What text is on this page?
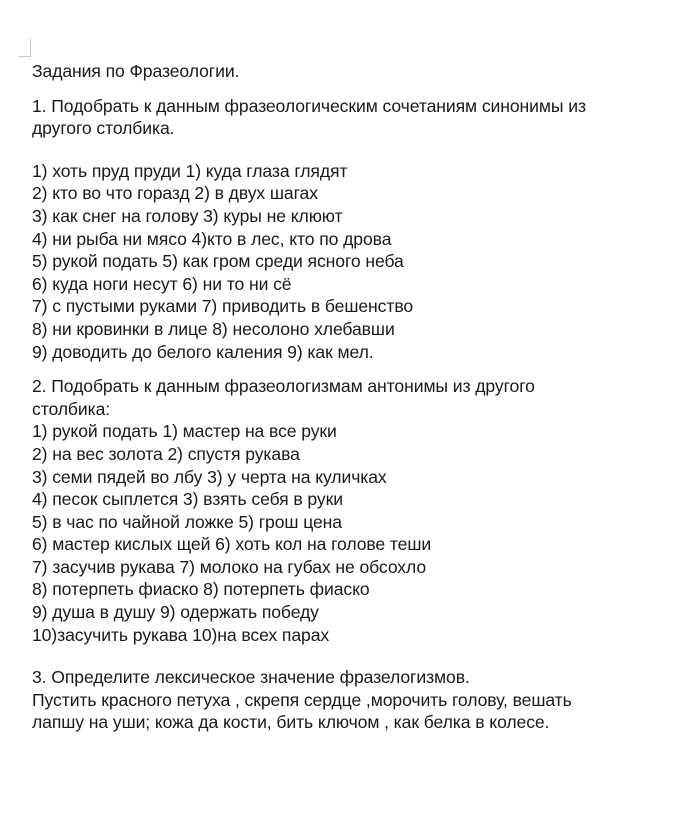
Задания по Фразеологии.
1. Подобрать к данным фразеологическим сочетаниям синонимы из
другого столбика.
1) хоть пруд пруди 1) куда глаза глядят
2) кто во что горазд 2) в двух шагах
3) как снег на голову 3) куры не клюют
4) ни рыба ни мясо 4)кто в лес, кто по дрова
5) рукой подать 5) как гром среди ясного неба
6) куда ноги несут 6) ни то ни сё
7) с пустыми руками 7) приводить в бешенство
8) ни кровинки в лице 8) несолоно хлебавши
9) доводить до белого каления 9) как мел.
2. Подобрать к данным фразеологизмам антонимы из другого
столбика:
1) рукой подать 1) мастер на все руки
2) на вес золота 2) спустя рукава
3) семи пядей во лбу 3) у черта на куличках
4) песок сыплется 3) взять себя в руки
5) в час по чайной ложке 5) грош цена
6) мастер кислых щей 6) хоть кол на голове теши
7) засучив рукава 7) молоко на губах не обсохло
8) потерпеть фиаско 8) потерпеть фиаско
9) душа в душу 9) одержать победу
10)засучить рукава 10)на всех парах
3. Определите лексическое значение фразелогизмов.
Пустить красного петуха , скрепя сердце ,морочить голову, вешать
лапшу на уши; кожа да кости, бить ключом , как белка в колесе.
